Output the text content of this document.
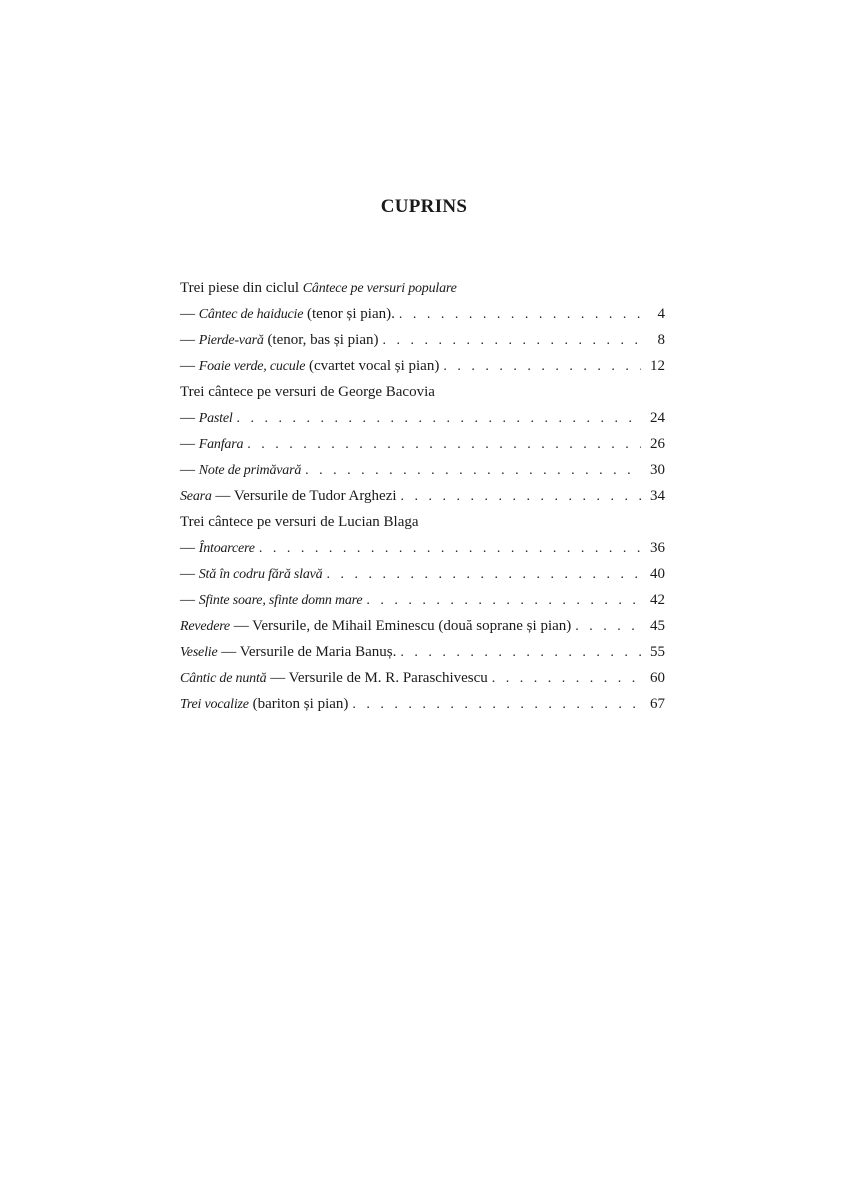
CUPRINS
Trei piese din ciclul Cântece pe versuri populare
— Cântec de haiducie (tenor și pian). . . .	4
— Pierde-vară (tenor, bas și pian) . . .	8
— Foaie verde, cucule (cvartet vocal și pian) . . .	12
Trei cântece pe versuri de George Bacovia
— Pastel . . .	24
— Fanfara . . .	26
— Note de primăvară . . .	30
Seara — Versurile de Tudor Arghezi . . .	34
Trei cântece pe versuri de Lucian Blaga
— Întoarcere . . .	36
— Stă în codru fără slavă . . .	40
— Sfinte soare, sfinte domn mare . . .	42
Revedere — Versurile, de Mihail Eminescu (două soprane și pian) . . .	45
Veselie — Versurile de Maria Banuș. . . .	55
Cântic de nuntă — Versurile de M. R. Paraschivescu . . .	60
Trei vocalize (bariton și pian) . . .	67
